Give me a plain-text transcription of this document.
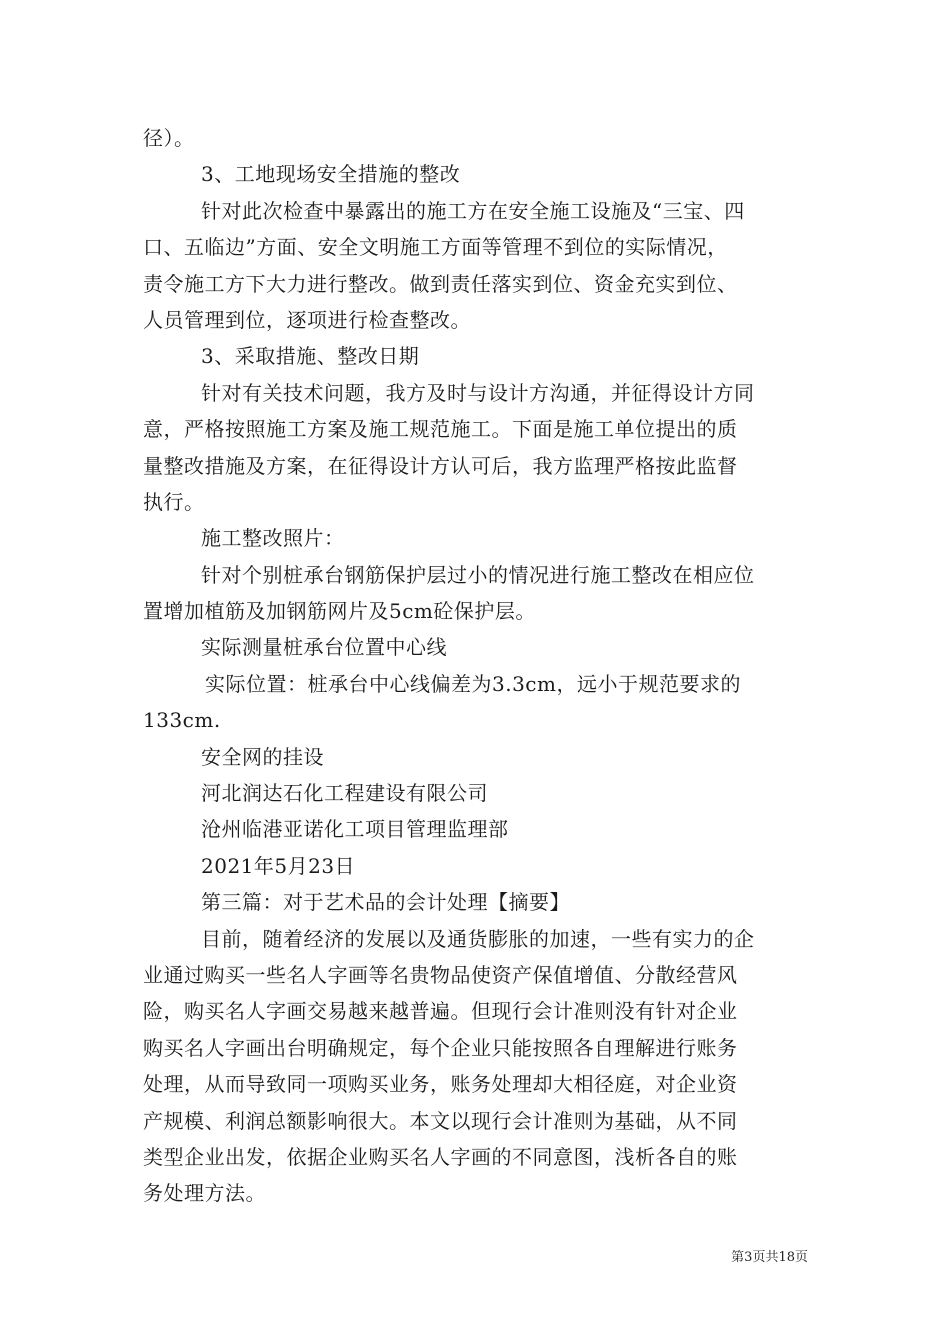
径）。
3、工地现场安全措施的整改
针对此次检查中暴露出的施工方在安全施工设施及“三宝、四
口、五临边”方面、安全文明施工方面等管理不到位的实际情况，
责令施工方下大力进行整改。做到责任落实到位、资金充实到位、
人员管理到位，逐项进行检查整改。
3、采取措施、整改日期
针对有关技术问题，我方及时与设计方沟通，并征得设计方同
意，严格按照施工方案及施工规范施工。下面是施工单位提出的质
量整改措施及方案，在征得设计方认可后，我方监理严格按此监督
执行。
施工整改照片：
针对个别桩承台钢筋保护层过小的情况进行施工整改在相应位
置增加植筋及加钢筋网片及5cm砼保护层。
实际测量桩承台位置中心线
实际位置：桩承台中心线偏差为3.3cm，远小于规范要求的
133cm.
安全网的挂设
河北润达石化工程建设有限公司
沧州临港亚诺化工项目管理监理部
2021年5月23日
第三篇：对于艺术品的会计处理【摘要】
目前，随着经济的发展以及通货膨胀的加速，一些有实力的企
业通过购买一些名人字画等名贵物品使资产保值增值、分散经营风
险，购买名人字画交易越来越普遍。但现行会计准则没有针对企业
购买名人字画出台明确规定，每个企业只能按照各自理解进行账务
处理，从而导致同一项购买业务，账务处理却大相径庭，对企业资
产规模、利润总额影响很大。本文以现行会计准则为基础，从不同
类型企业出发，依据企业购买名人字画的不同意图，浅析各自的账
务处理方法。
第3页共18页
